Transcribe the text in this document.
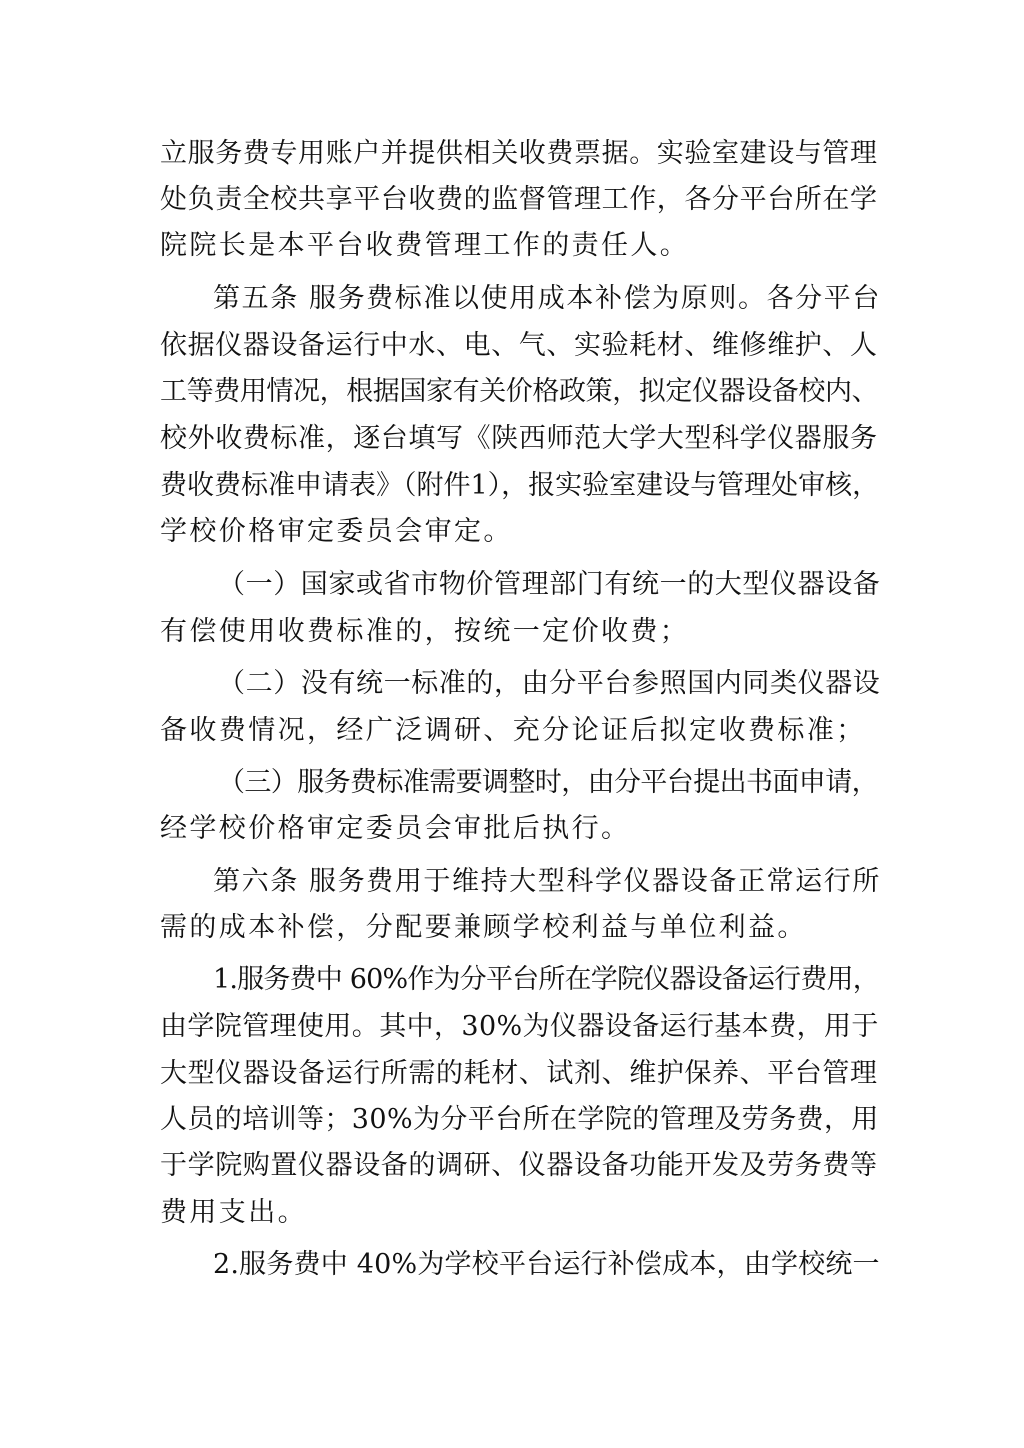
立服务费专用账户并提供相关收费票据。实验室建设与管理
处负责全校共享平台收费的监督管理工作，各分平台所在学
院院长是本平台收费管理工作的责任人。
第五条 服务费标准以使用成本补偿为原则。各分平台
依据仪器设备运行中水、电、气、实验耗材、维修维护、人
工等费用情况，根据国家有关价格政策，拟定仪器设备校内、
校外收费标准，逐台填写《陕西师范大学大型科学仪器服务
费收费标准申请表》（附件1），报实验室建设与管理处审核，
学校价格审定委员会审定。
（一）国家或省市物价管理部门有统一的大型仪器设备
有偿使用收费标准的，按统一定价收费；
（二）没有统一标准的，由分平台参照国内同类仪器设
备收费情况，经广泛调研、充分论证后拟定收费标准；
（三）服务费标准需要调整时，由分平台提出书面申请，
经学校价格审定委员会审批后执行。
第六条 服务费用于维持大型科学仪器设备正常运行所
需的成本补偿，分配要兼顾学校利益与单位利益。
1.服务费中 60%作为分平台所在学院仪器设备运行费用，
由学院管理使用。其中，30%为仪器设备运行基本费，用于
大型仪器设备运行所需的耗材、试剂、维护保养、平台管理
人员的培训等；30%为分平台所在学院的管理及劳务费，用
于学院购置仪器设备的调研、仪器设备功能开发及劳务费等
费用支出。
2.服务费中 40%为学校平台运行补偿成本，由学校统一
